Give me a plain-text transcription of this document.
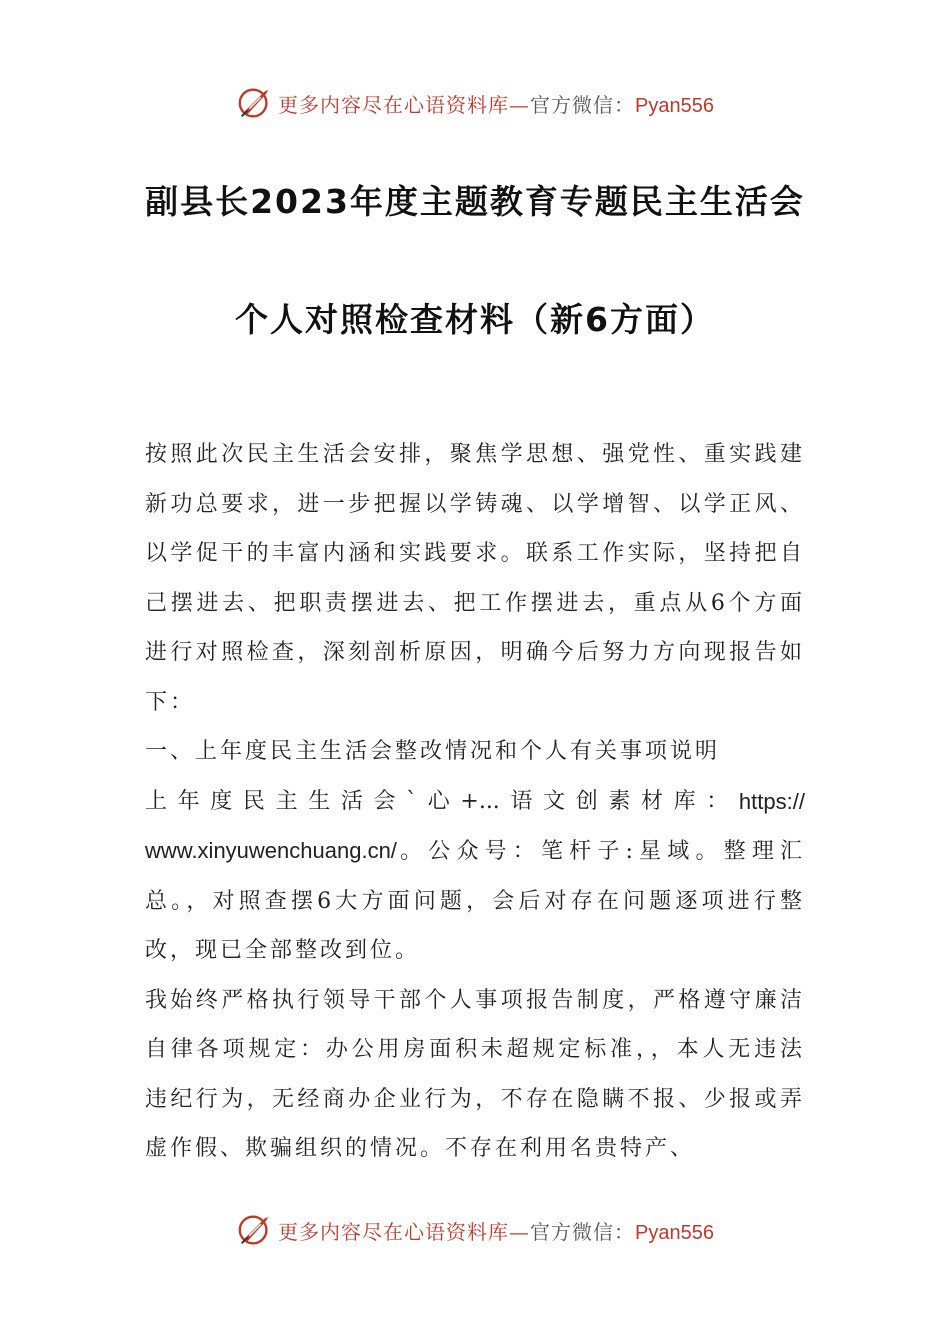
更多内容尽在心语资料库—官方微信：Pyan556
副县长2023年度主题教育专题民主生活会
个人对照检查材料（新6方面）

按照此次民主生活会安排，聚焦学思想、强党性、重实践建新功总要求，进一步把握以学铸魂、以学增智、以学正风、以学促干的丰富内涵和实践要求。联系工作实际，坚持把自己摆进去、把职责摆进去、把工作摆进去，重点从6个方面进行对照检查，深刻剖析原因，明确今后努力方向现报告如下：

一、上年度民主生活会整改情况和个人有关事项说明

上 年 度 民 主 生 活 会 ` 心 +... 语 文 创 素 材 库 ： https://

www.xinyuwenchuang.cn/。公众号：笔杆子:星域。整理汇总。，对照查摆6大方面问题，会后对存在问题逐项进行整改，现已全部整改到位。

我始终严格执行领导干部个人事项报告制度，严格遵守廉洁自律各项规定：办公用房面积未超规定标准，，本人无违法违纪行为，无经商办企业行为，不存在隐瞒不报、少报或弄虚作假、欺骗组织的情况。不存在利用名贵特产、

更多内容尽在心语资料库—官方微信：Pyan556
